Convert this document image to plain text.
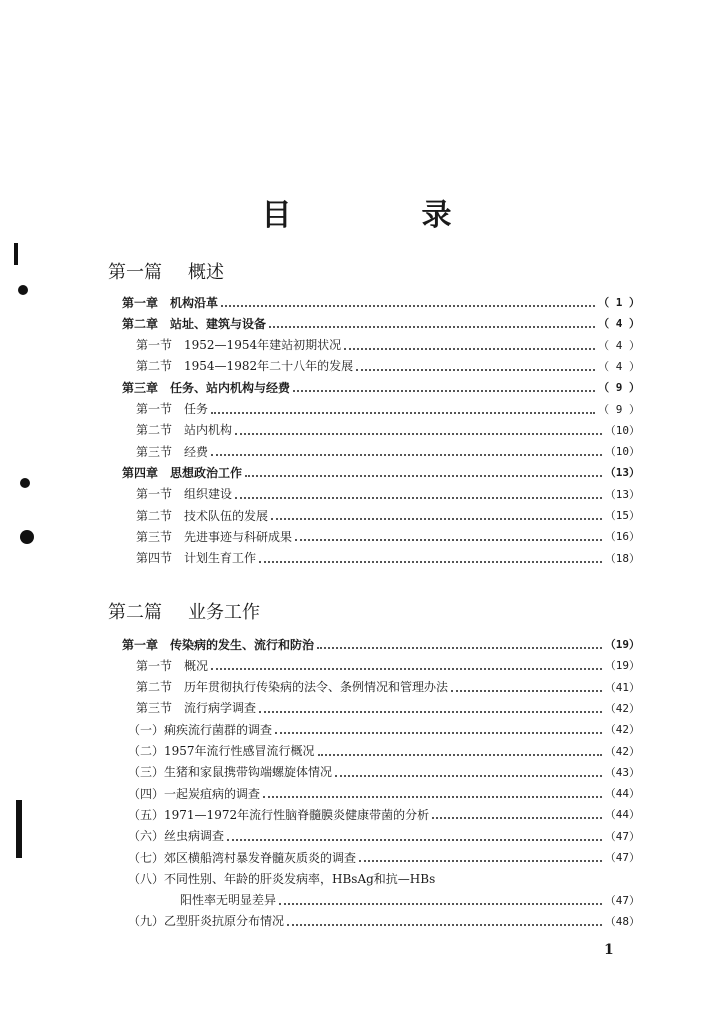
目　录
第一篇 概述
第二篇 业务工作
第一章 机构沿革	（ 1 ）
第二章 站址、建筑与设备	（ 4 ）
第一节 1952—1954年建站初期状况	（ 4 ）
第二节 1954—1982年二十八年的发展	（ 4 ）
第三章 任务、站内机构与经费	（ 9 ）
第一节 任务	（ 9 ）
第二节 站内机构	（10）
第三节 经费	（10）
第四章 思想政治工作	（13）
第一节 组织建设	（13）
第二节 技术队伍的发展	（15）
第三节 先进事迹与科研成果	（16）
第四节 计划生育工作	（18）
第一章 传染病的发生、流行和防治	（19）
第一节 概况	（19）
第二节 历年贯彻执行传染病的法令、条例情况和管理办法	（41）
第三节 流行病学调查	（42）
（一）痢疾流行菌群的调查	（42）
（二）1957年流行性感冒流行概况	（42）
（三）生猪和家鼠携带钩端螺旋体情况	（43）
（四）一起炭疽病的调查	（44）
（五）1971—1972年流行性脑脊髓膜炎健康带菌的分析	（44）
（六）丝虫病调查	（47）
（七）郊区横船湾村暴发脊髓灰质炎的调查	（47）
（八）不同性别、年龄的肝炎发病率，HBsAg和抗—HBs
阳性率无明显差异	（47）
（九）乙型肝炎抗原分布情况	（48）
1
